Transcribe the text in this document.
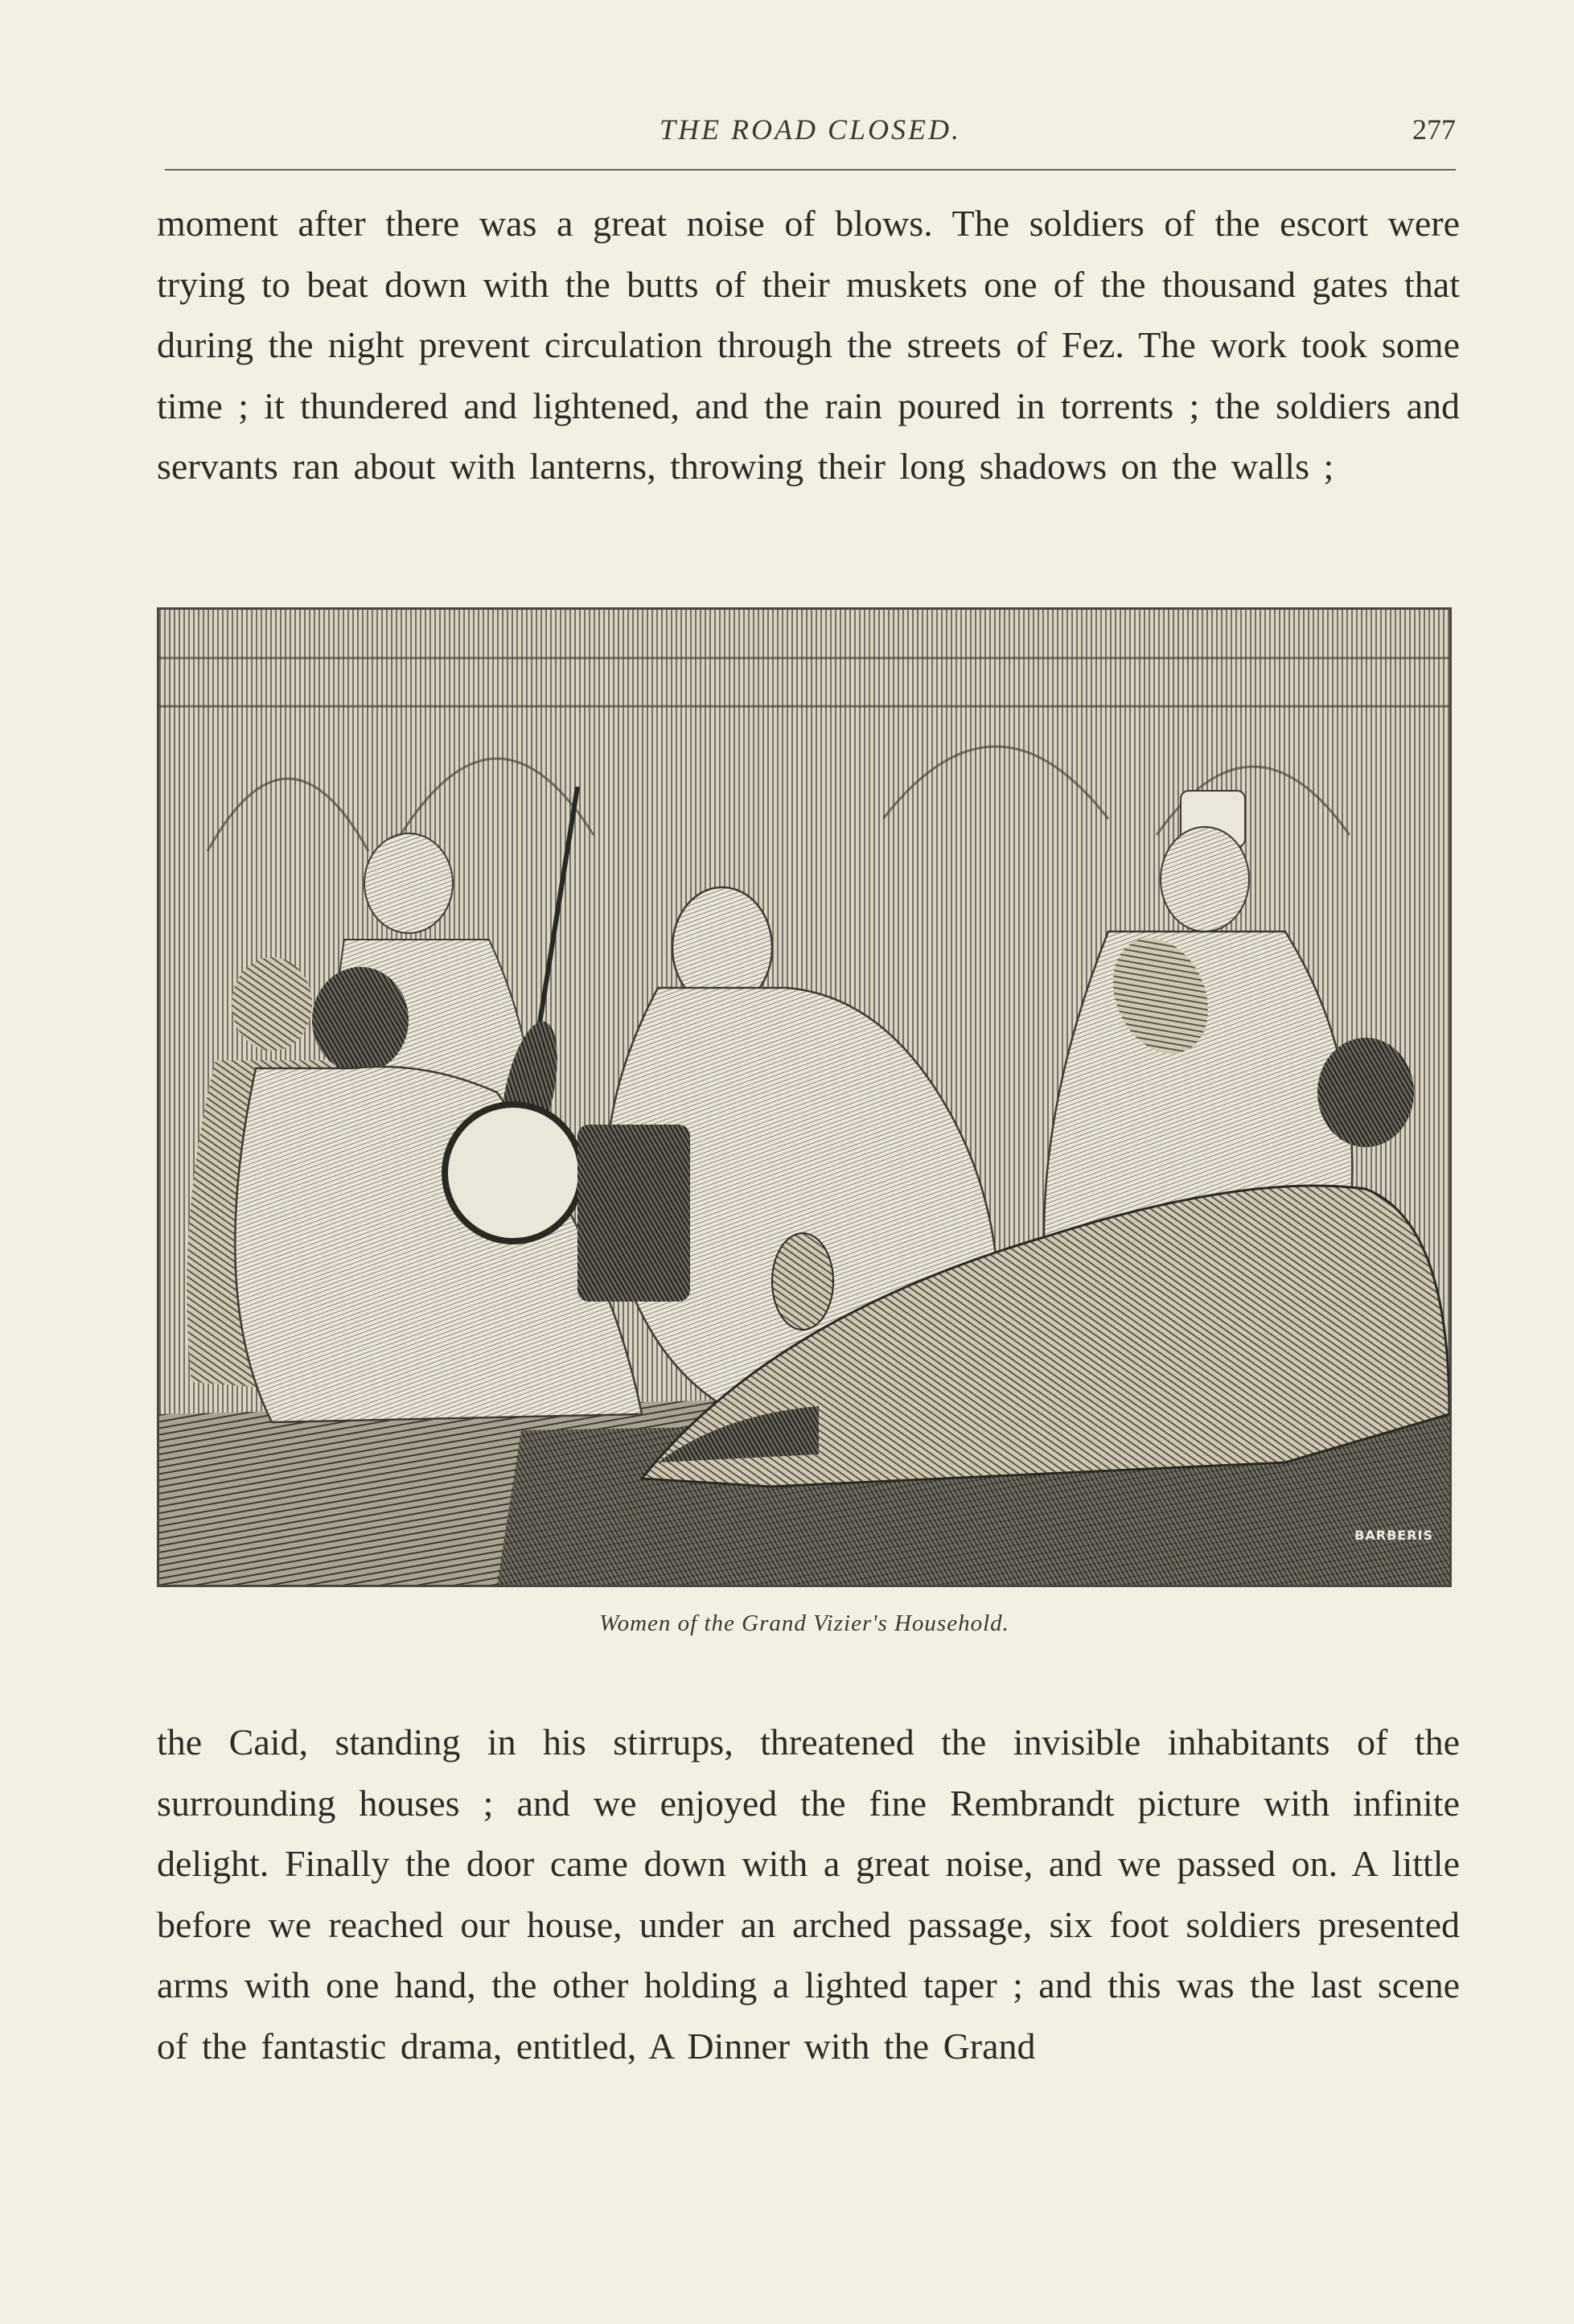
THE ROAD CLOSED.	277

moment after there was a great noise of blows. The soldiers of the escort were trying to beat down with the butts of their muskets one of the thousand gates that during the night prevent circulation through the streets of Fez. The work took some time ; it thundered and lightened, and the rain poured in torrents ; the soldiers and servants ran about with lanterns, throwing their long shadows on the walls ;

BARBERIS
Women of the Grand Vizier's Household.

the Caid, standing in his stirrups, threatened the invisible inhabitants of the surrounding houses ; and we enjoyed the fine Rembrandt picture with infinite delight. Finally the door came down with a great noise, and we passed on. A little before we reached our house, under an arched passage, six foot soldiers presented arms with one hand, the other holding a lighted taper ; and this was the last scene of the fantastic drama, entitled, A Dinner with the Grand
